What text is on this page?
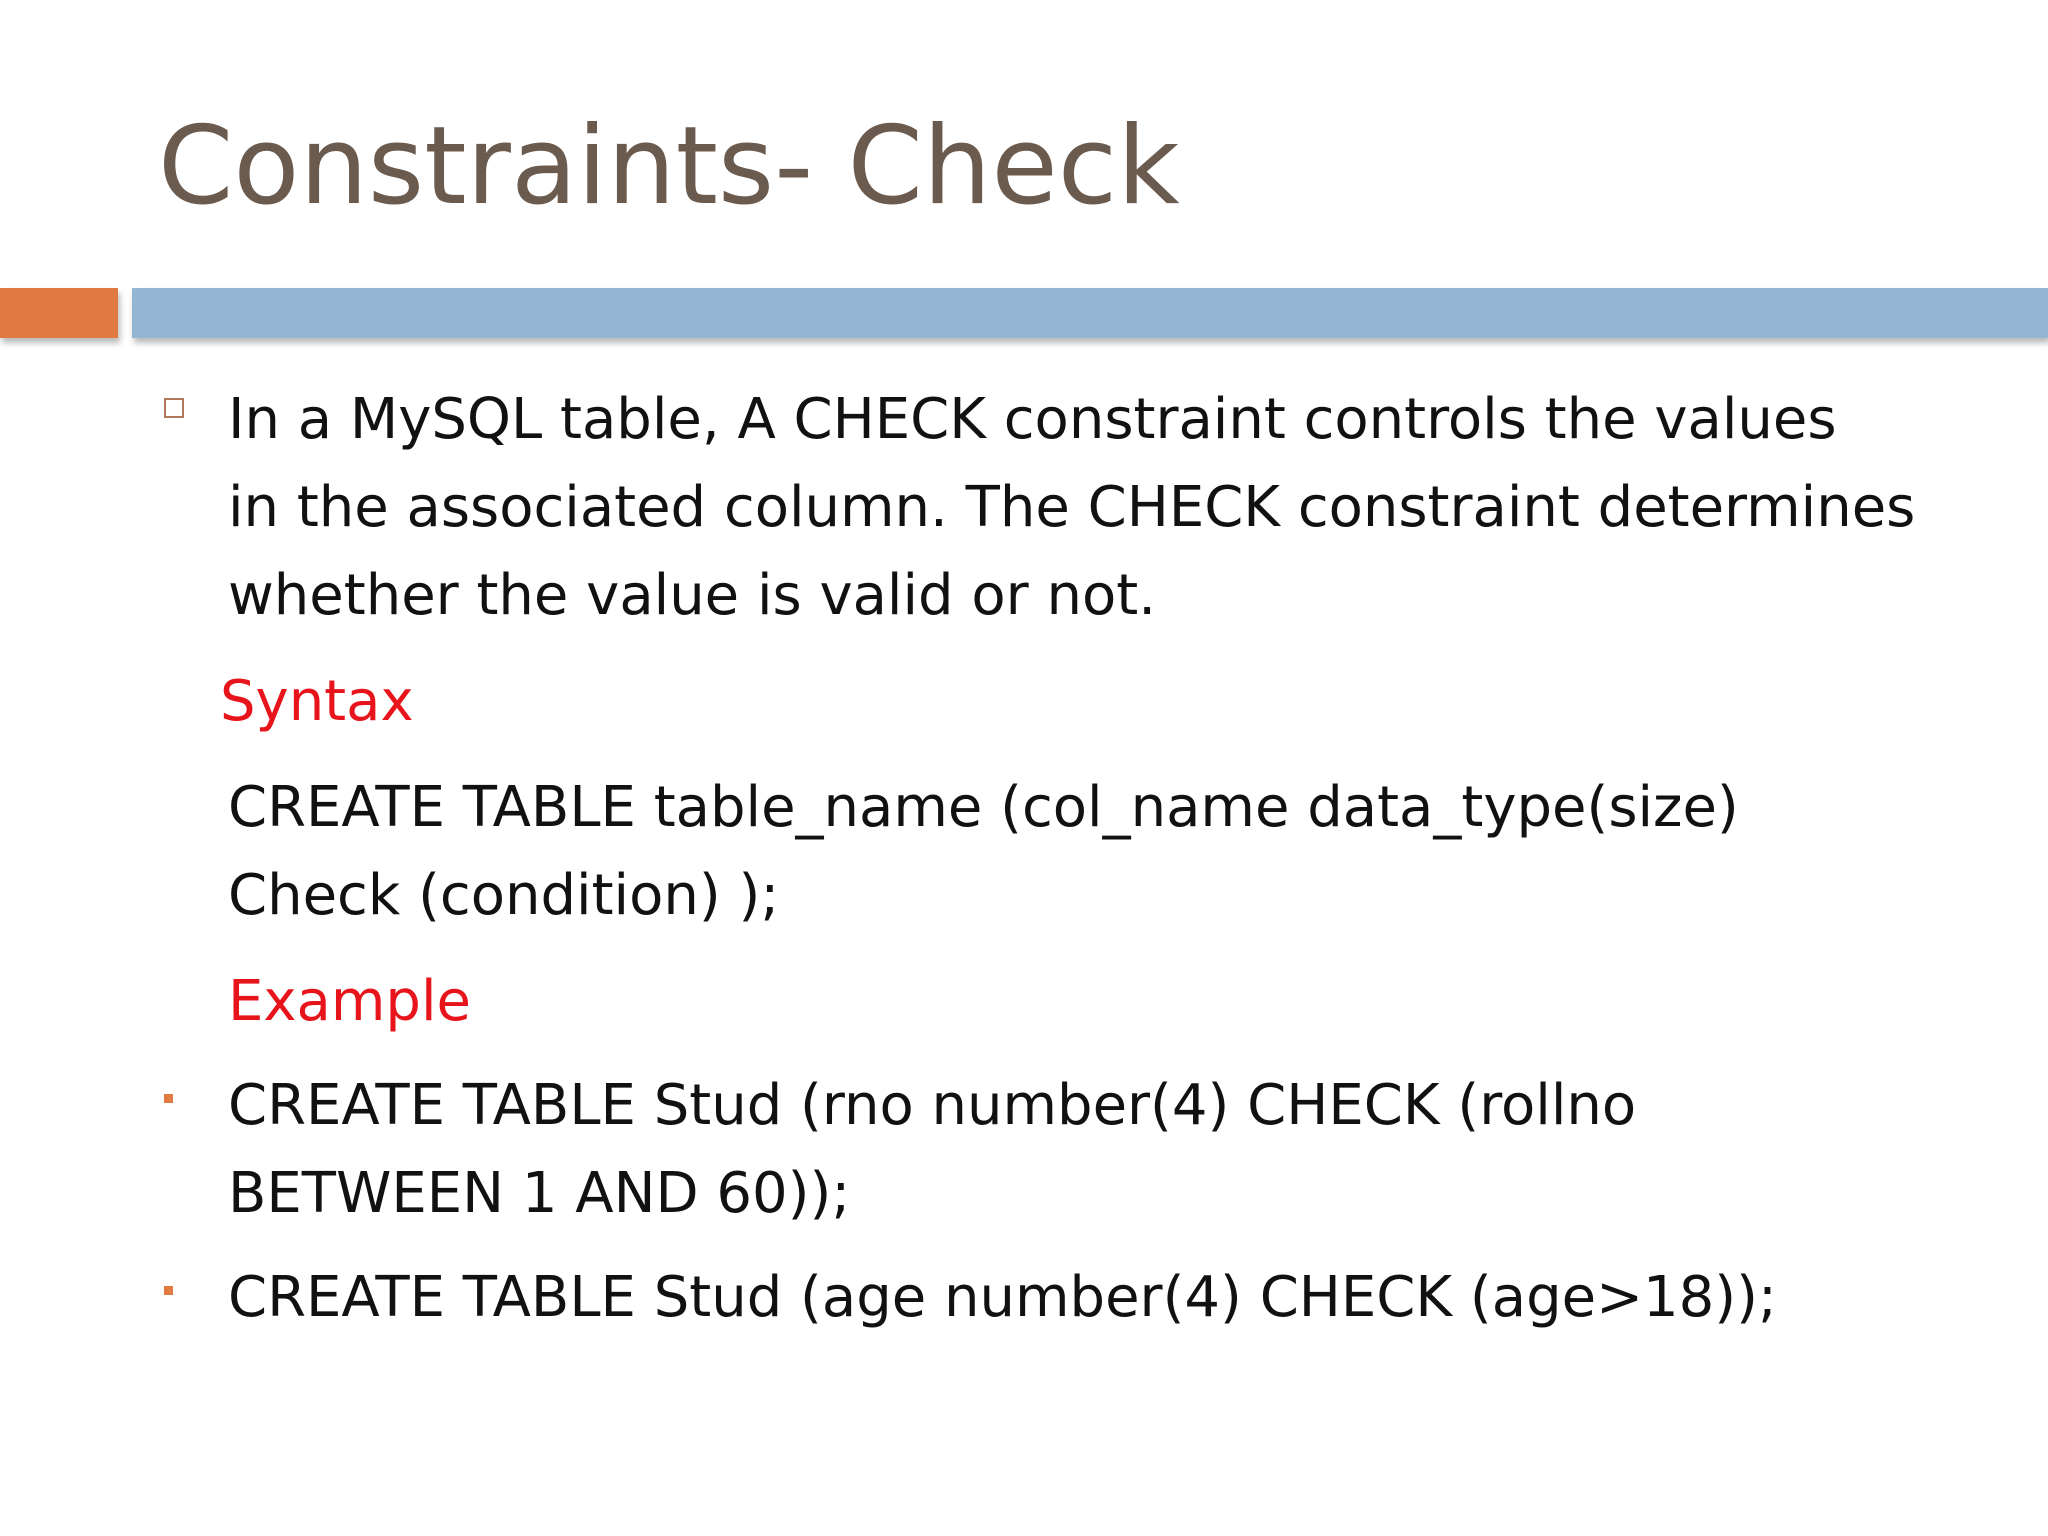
Constraints- Check
In a MySQL table, A CHECK constraint controls the values
in the associated column. The CHECK constraint determines
whether the value is valid or not.
Syntax
CREATE TABLE table_name (col_name data_type(size)
Check (condition) );
Example
CREATE TABLE Stud (rno number(4) CHECK (rollno
BETWEEN 1 AND 60));
CREATE TABLE Stud (age number(4) CHECK (age>18));
